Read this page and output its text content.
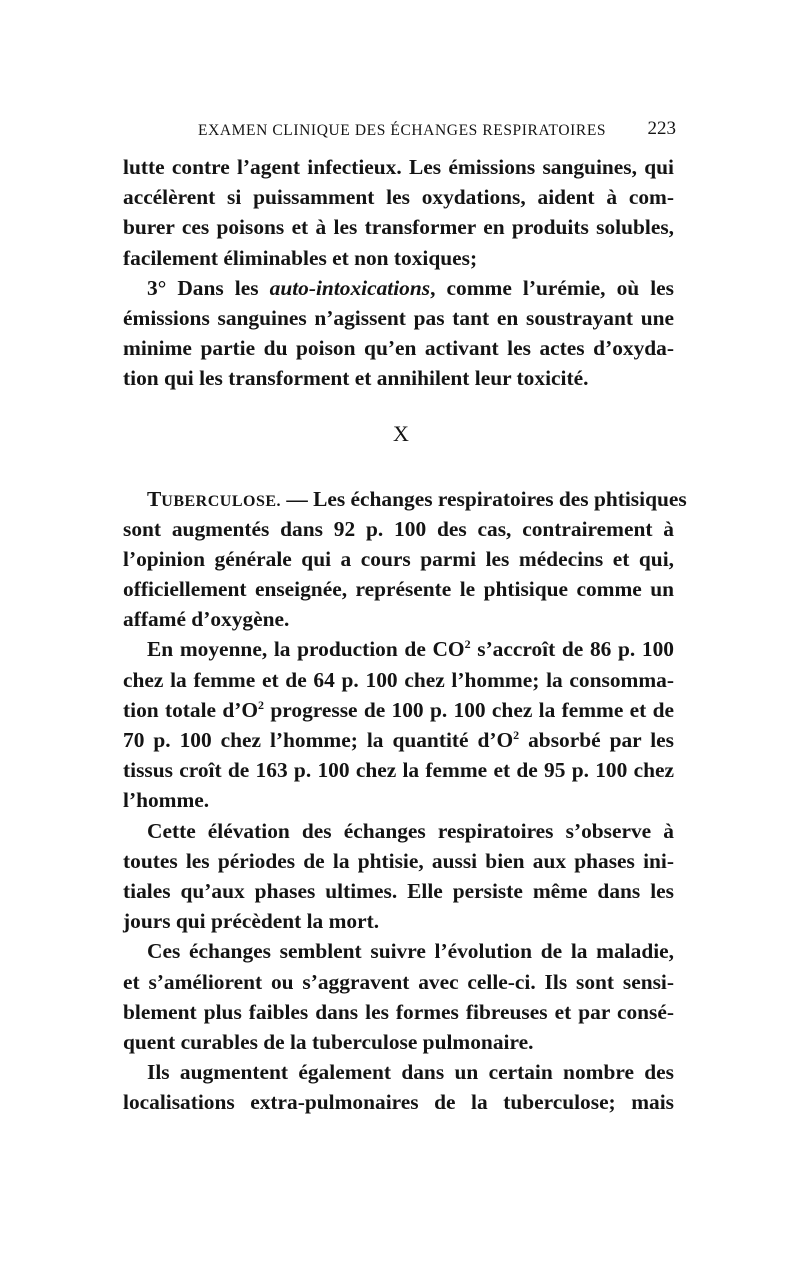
EXAMEN CLINIQUE DES ÉCHANGES RESPIRATOIRES 223
lutte contre l’agent infectieux. Les émissions sanguines, qui
accélèrent si puissamment les oxydations, aident à com-
burer ces poisons et à les transformer en produits solubles,
facilement éliminables et non toxiques;
3° Dans les auto-intoxications, comme l’urémie, où les
émissions sanguines n’agissent pas tant en soustrayant une
minime partie du poison qu’en activant les actes d’oxyda-
tion qui les transforment et annihilent leur toxicité.
X
TUBERCULOSE. — Les échanges respiratoires des phtisiques
sont augmentés dans 92 p. 100 des cas, contrairement à
l’opinion générale qui a cours parmi les médecins et qui,
officiellement enseignée, représente le phtisique comme un
affamé d’oxygène.
En moyenne, la production de $CO^2$ s’accroît de 86 p. 100
chez la femme et de 64 p. 100 chez l’homme; la consomma-
tion totale $d’O^2$ progresse de 100 p. 100 chez la femme et de
70 p. 100 chez l’homme; la quantité $d’O^2$ absorbé par les
tissus croît de 163 p. 100 chez la femme et de 95 p. 100 chez
l’homme.
Cette élévation des échanges respiratoires s’observe à
toutes les périodes de la phtisie, aussi bien aux phases ini-
tiales qu’aux phases ultimes. Elle persiste même dans les
jours qui précèdent la mort.
Ces échanges semblent suivre l’évolution de la maladie,
et s’améliorent ou s’aggravent avec celle-ci. Ils sont sensi-
blement plus faibles dans les formes fibreuses et par consé-
quent curables de la tuberculose pulmonaire.
Ils augmentent également dans un certain nombre des
localisations extra-pulmonaires de la tuberculose; mais
